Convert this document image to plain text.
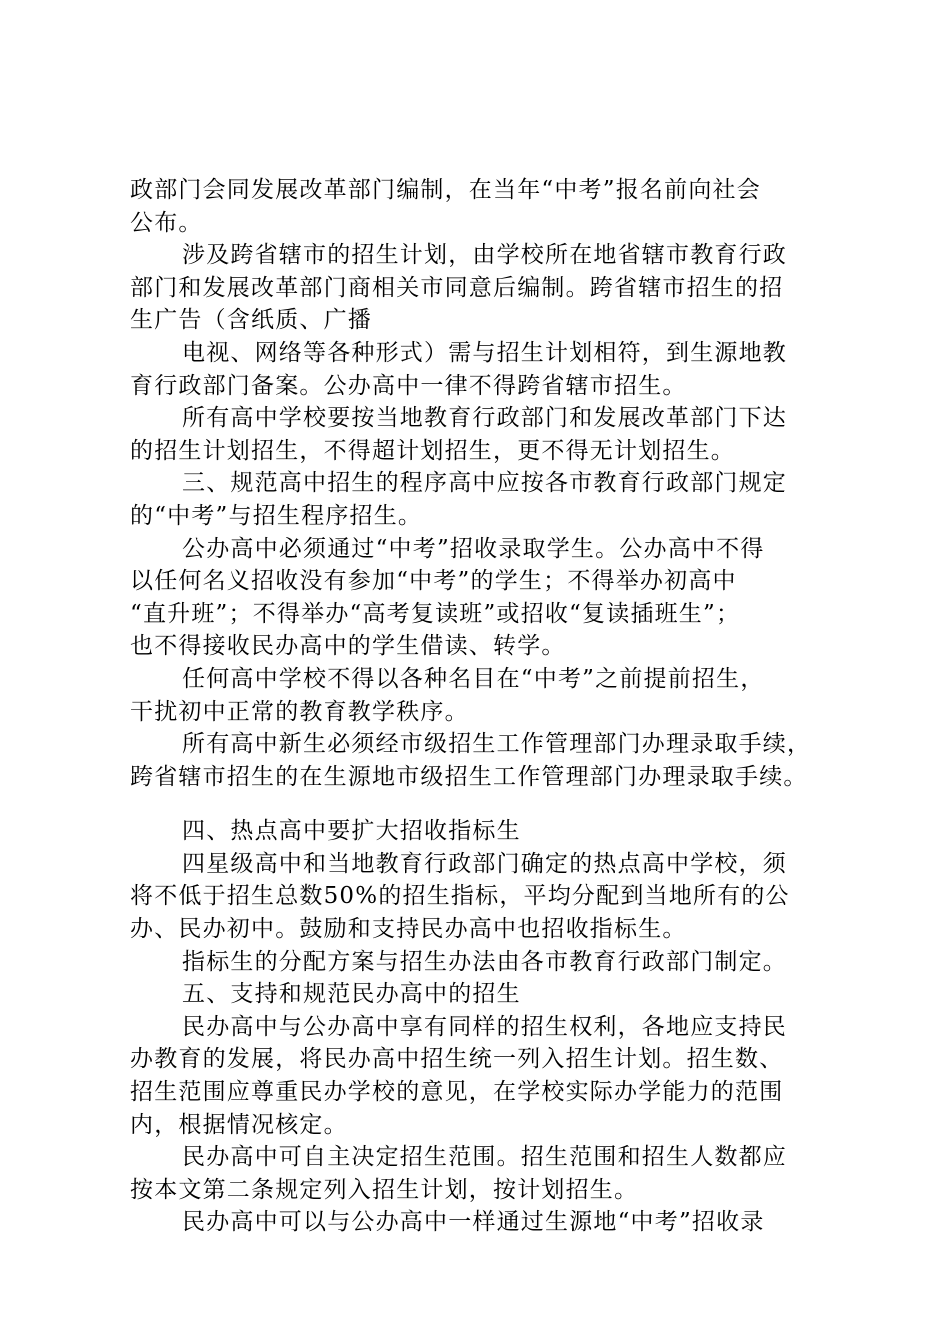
政部门会同发展改革部门编制，在当年“中考”报名前向社会
公布。
涉及跨省辖市的招生计划，由学校所在地省辖市教育行政
部门和发展改革部门商相关市同意后编制。跨省辖市招生的招
生广告（含纸质、广播
电视、网络等各种形式）需与招生计划相符，到生源地教
育行政部门备案。公办高中一律不得跨省辖市招生。
所有高中学校要按当地教育行政部门和发展改革部门下达
的招生计划招生，不得超计划招生，更不得无计划招生。
三、规范高中招生的程序高中应按各市教育行政部门规定
的“中考”与招生程序招生。
公办高中必须通过“中考”招收录取学生。公办高中不得
以任何名义招收没有参加“中考”的学生；不得举办初高中
“直升班”；不得举办“高考复读班”或招收“复读插班生”；
也不得接收民办高中的学生借读、转学。
任何高中学校不得以各种名目在“中考”之前提前招生，
干扰初中正常的教育教学秩序。
所有高中新生必须经市级招生工作管理部门办理录取手续，
跨省辖市招生的在生源地市级招生工作管理部门办理录取手续。
四、热点高中要扩大招收指标生
四星级高中和当地教育行政部门确定的热点高中学校，须
将不低于招生总数50%的招生指标，平均分配到当地所有的公
办、民办初中。鼓励和支持民办高中也招收指标生。
指标生的分配方案与招生办法由各市教育行政部门制定。
五、支持和规范民办高中的招生
民办高中与公办高中享有同样的招生权利，各地应支持民
办教育的发展，将民办高中招生统一列入招生计划。招生数、
招生范围应尊重民办学校的意见，在学校实际办学能力的范围
内，根据情况核定。
民办高中可自主决定招生范围。招生范围和招生人数都应
按本文第二条规定列入招生计划，按计划招生。
民办高中可以与公办高中一样通过生源地“中考”招收录
